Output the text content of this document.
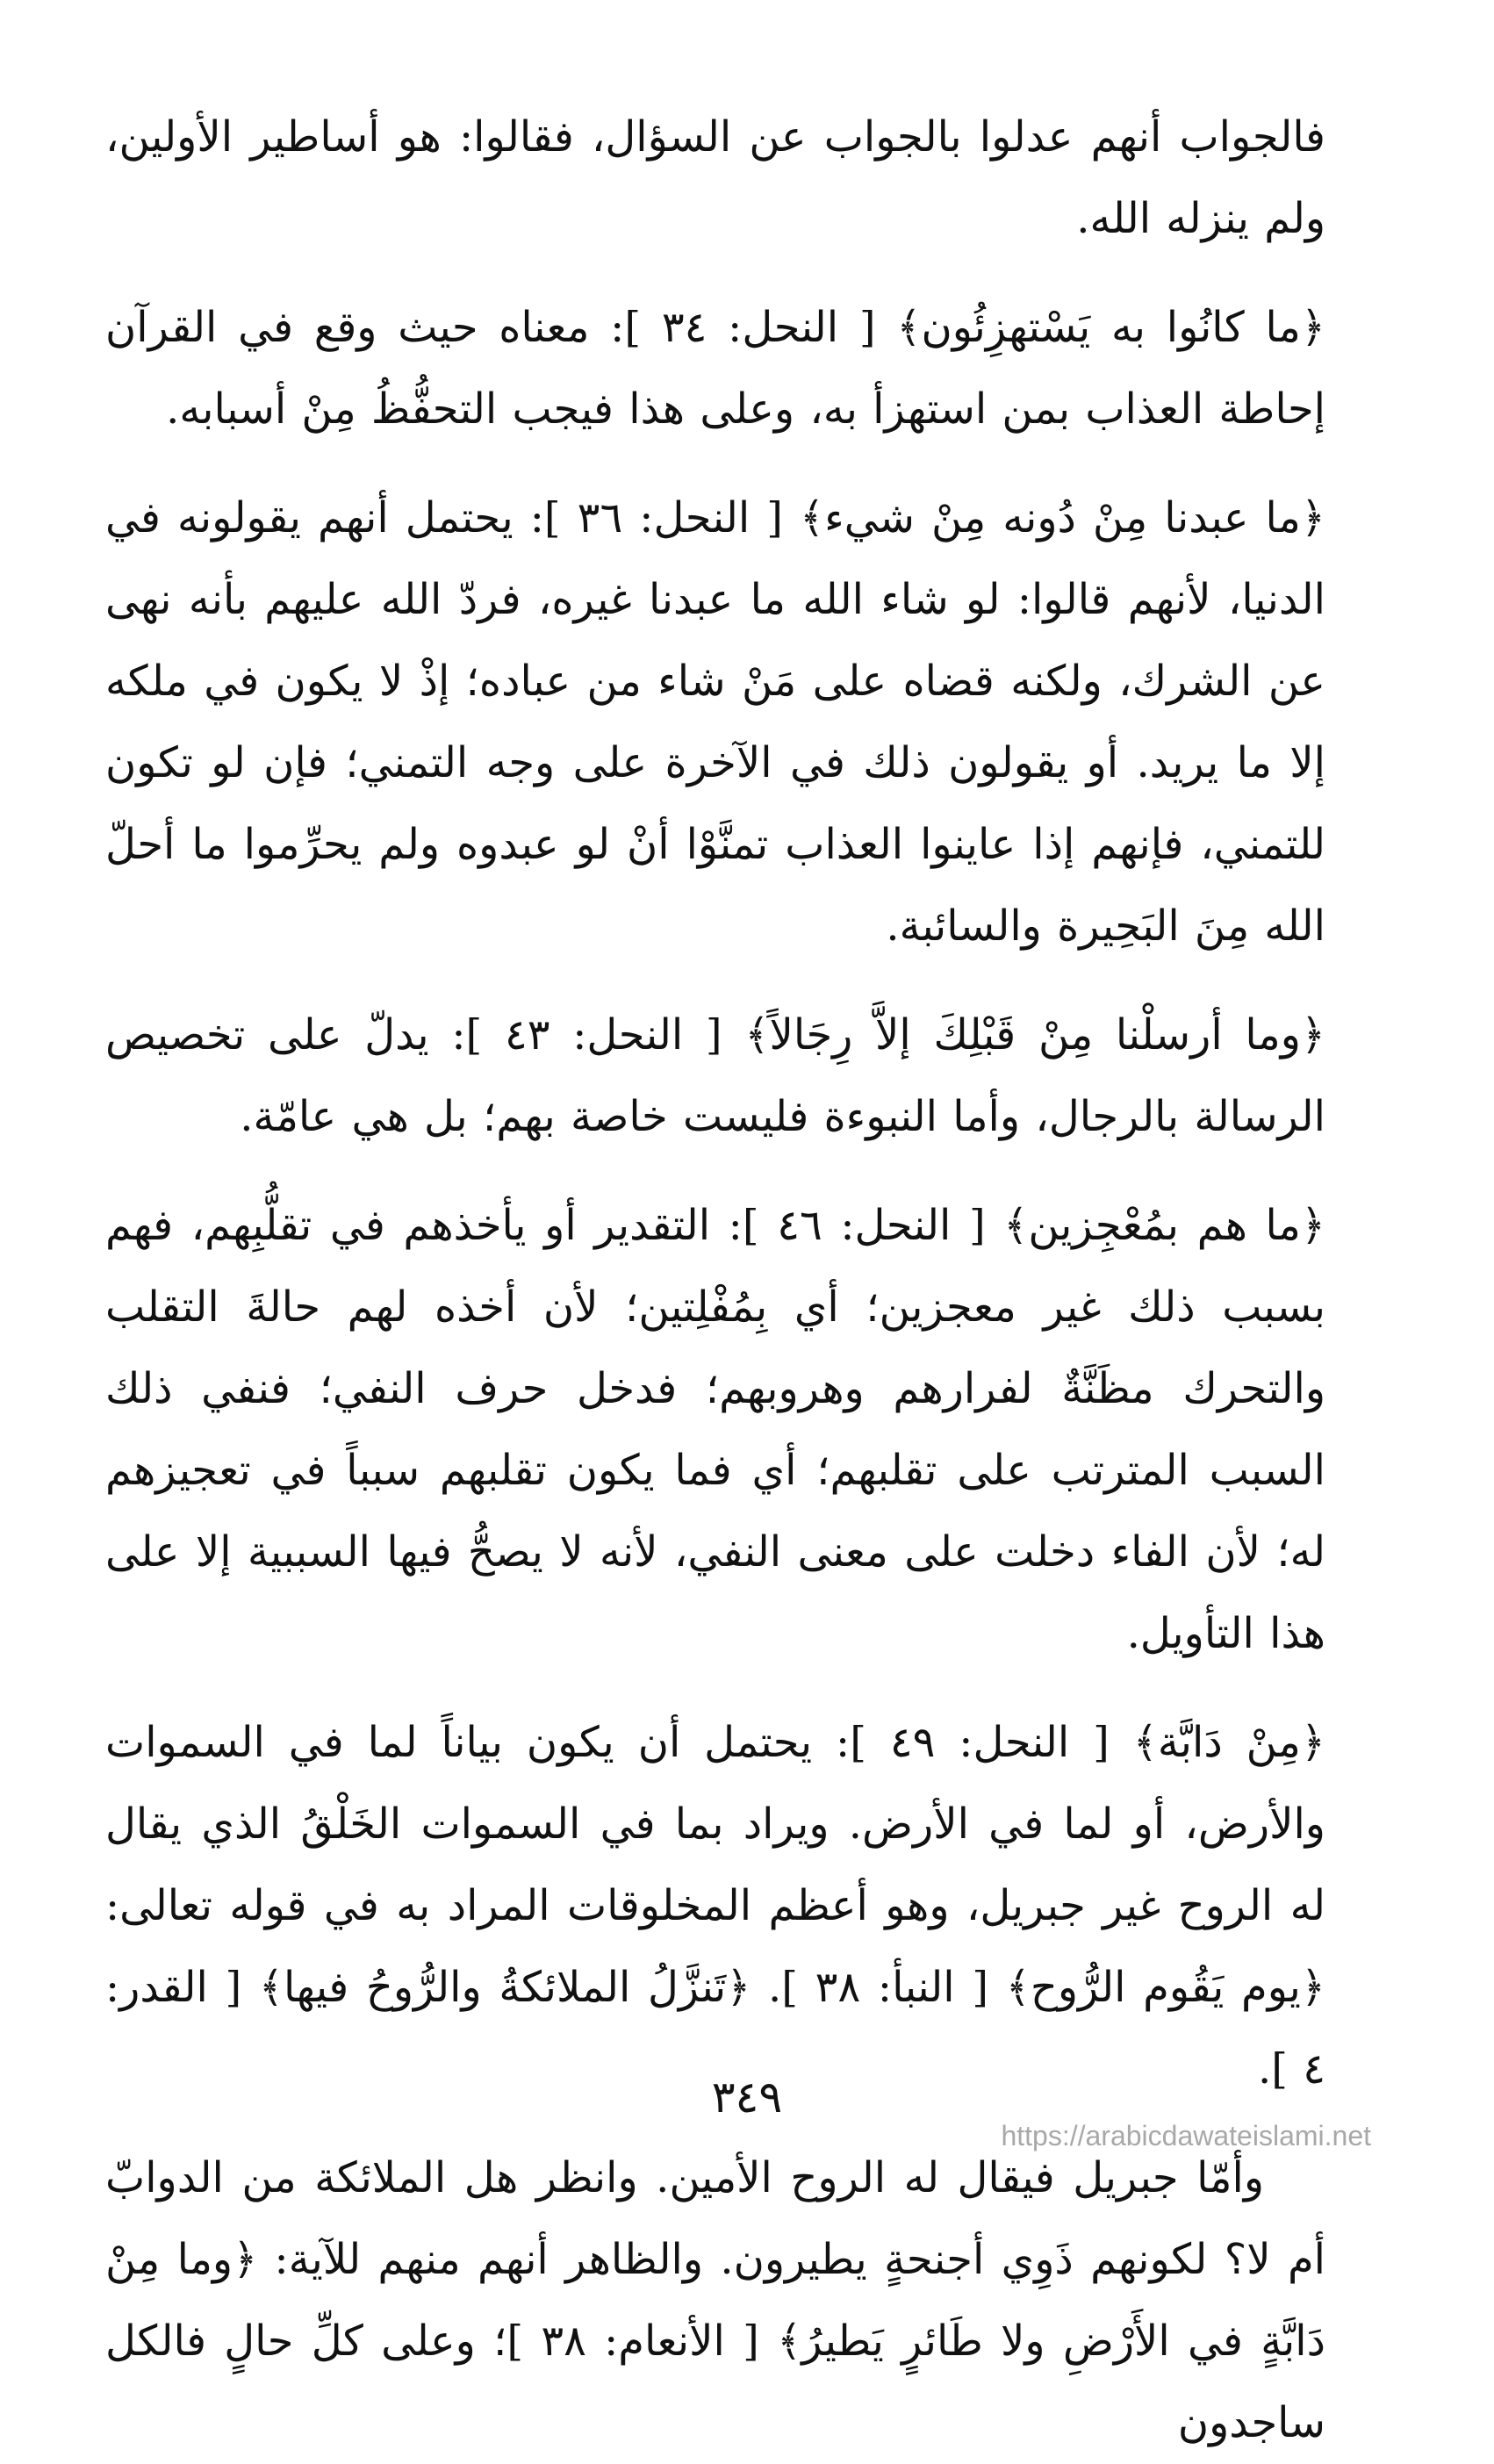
فالجواب أنهم عدلوا بالجواب عن السؤال، فقالوا: هو أساطير الأولين، ولم ينزله الله.

﴿ما كانُوا به يَسْتهزِئُون﴾ [ النحل: ٣٤ ]: معناه حيث وقع في القرآن إحاطة العذاب بمن استهزأ به، وعلى هذا فيجب التحفُّظُ مِنْ أسبابه.

﴿ما عبدنا مِنْ دُونه مِنْ شيء﴾ [ النحل: ٣٦ ]: يحتمل أنهم يقولونه في الدنيا، لأنهم قالوا: لو شاء الله ما عبدنا غيره، فردّ الله عليهم بأنه نهى عن الشرك، ولكنه قضاه على مَنْ شاء من عباده؛ إذْ لا يكون في ملكه إلا ما يريد. أو يقولون ذلك في الآخرة على وجه التمني؛ فإن لو تكون للتمني، فإنهم إذا عاينوا العذاب تمنَّوْا أنْ لو عبدوه ولم يحرِّموا ما أحلّ الله مِنَ البَحِيرة والسائبة.

﴿وما أرسلْنا مِنْ قَبْلِكَ إلاَّ رِجَالاً﴾ [ النحل: ٤٣ ]: يدلّ على تخصيص الرسالة بالرجال، وأما النبوءة فليست خاصة بهم؛ بل هي عامّة.

﴿ما هم بمُعْجِزين﴾ [ النحل: ٤٦ ]: التقدير أو يأخذهم في تقلُّبِهم، فهم بسبب ذلك غير معجزين؛ أي بِمُفْلِتين؛ لأن أخذه لهم حالةَ التقلب والتحرك مظَنَّةٌ لفرارهم وهروبهم؛ فدخل حرف النفي؛ فنفي ذلك السبب المترتب على تقلبهم؛ أي فما يكون تقلبهم سبباً في تعجيزهم له؛ لأن الفاء دخلت على معنى النفي، لأنه لا يصحُّ فيها السببية إلا على هذا التأويل.

﴿مِنْ دَابَّة﴾ [ النحل: ٤٩ ]: يحتمل أن يكون بياناً لما في السموات والأرض، أو لما في الأرض. ويراد بما في السموات الخَلْقُ الذي يقال له الروح غير جبريل، وهو أعظم المخلوقات المراد به في قوله تعالى: ﴿يوم يَقُوم الرُّوح﴾ [ النبأ: ٣٨ ]. ﴿تَنزَّلُ الملائكةُ والرُّوحُ فيها﴾ [ القدر: ٤ ].

وأمّا جبريل فيقال له الروح الأمين. وانظر هل الملائكة من الدوابّ أم لا؟ لكونهم ذَوِي أجنحةٍ يطيرون. والظاهر أنهم منهم للآية: ﴿وما مِنْ دَابَّةٍ في الأَرْضِ ولا طَائرٍ يَطيرُ﴾ [ الأنعام: ٣٨ ]؛ وعلى كلِّ حالٍ فالكل ساجدون

٣٤٩
https://arabicdawateislami.net
